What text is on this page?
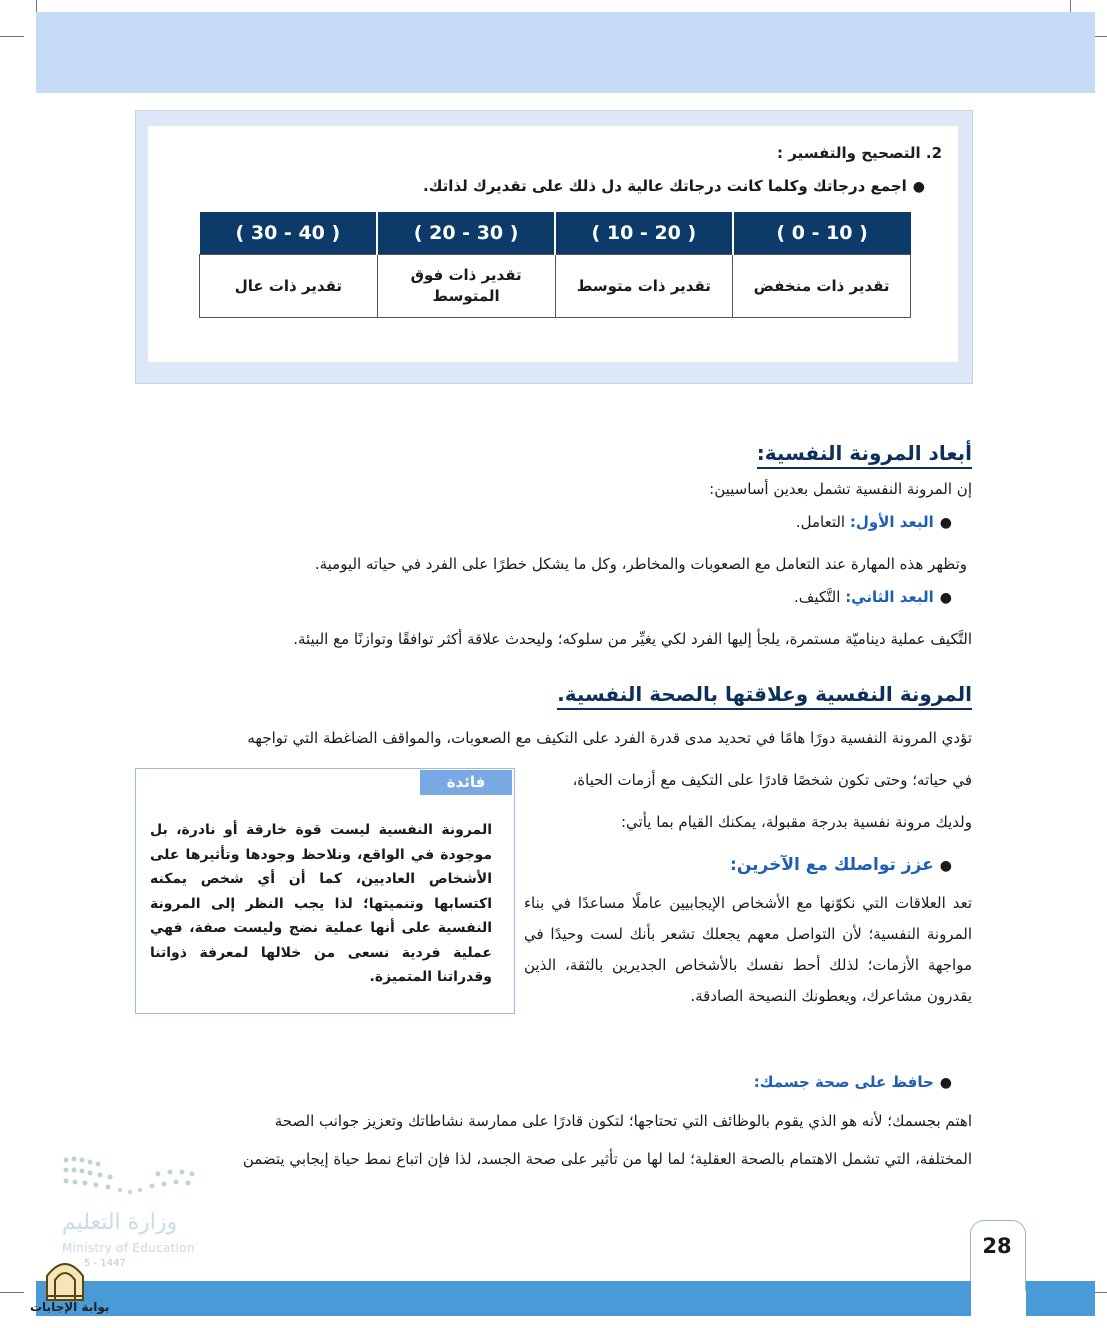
2. التصحيح والتفسير :
●اجمع درجاتك وكلما كانت درجاتك عالية دل ذلك على تقديرك لذاتك.
( 10 - 0 )	( 20 - 10 )	( 30 - 20 )	( 40 - 30 )
تقدير ذات منخفض	تقدير ذات متوسط	تقدير ذات فوق المتوسط	تقدير ذات عال
أبعاد المرونة النفسية:
إن المرونة النفسية تشمل بعدين أساسيين:
●البعد الأول: التعامل.
وتظهر هذه المهارة عند التعامل مع الصعوبات والمخاطر، وكل ما يشكل خطرًا على الفرد في حياته اليومية.
●البعد الثاني: التَّكيف.
التَّكيف عملية ديناميّة مستمرة، يلجأ إليها الفرد لكي يغيِّر من سلوكه؛ وليحدث علاقة أكثر توافقًا وتوازنًا مع البيئة.
المرونة النفسية وعلاقتها بالصحة النفسية.
تؤدي المرونة النفسية دورًا هامًا في تحديد مدى قدرة الفرد على التكيف مع الصعوبات، والمواقف الضاغطة التي تواجهه
في حياته؛ وحتى تكون شخصًا قادرًا على التكيف مع أزمات الحياة،
ولديك مرونة نفسية بدرجة مقبولة، يمكنك القيام بما يأتي:
●عزز تواصلك مع الآخرين:
تعد العلاقات التي نكوّنها مع الأشخاص الإيجابيين عاملًا مساعدًا في بناء المرونة النفسية؛ لأن التواصل معهم يجعلك تشعر بأنك لست وحيدًا في مواجهة الأزمات؛ لذلك أحط نفسك بالأشخاص الجديرين بالثقة، الذين يقدرون مشاعرك، ويعطونك النصيحة الصادقة.
●حافظ على صحة جسمك:
اهتم بجسمك؛ لأنه هو الذي يقوم بالوظائف التي تحتاجها؛ لتكون قادرًا على ممارسة نشاطاتك وتعزيز جوانب الصحة
المختلفة، التي تشمل الاهتمام بالصحة العقلية؛ لما لها من تأثير على صحة الجسد، لذا فإن اتباع نمط حياة إيجابي يتضمن
فائدة
المرونة النفسية ليست قوة خارقة أو نادرة، بل موجودة في الواقع، ونلاحظ وجودها وتأثيرها على الأشخاص العاديين، كما أن أي شخص يمكنه اكتسابها وتنميتها؛ لذا يجب النظر إلى المرونة النفسية على أنها عملية نضج وليست صفة، فهي عملية فردية نسعى من خلالها لمعرفة ذواتنا وقدراتنا المتميزة.
وزارة التعليم
Ministry of Education
5 - 1447
28
بوابة الإجابات
